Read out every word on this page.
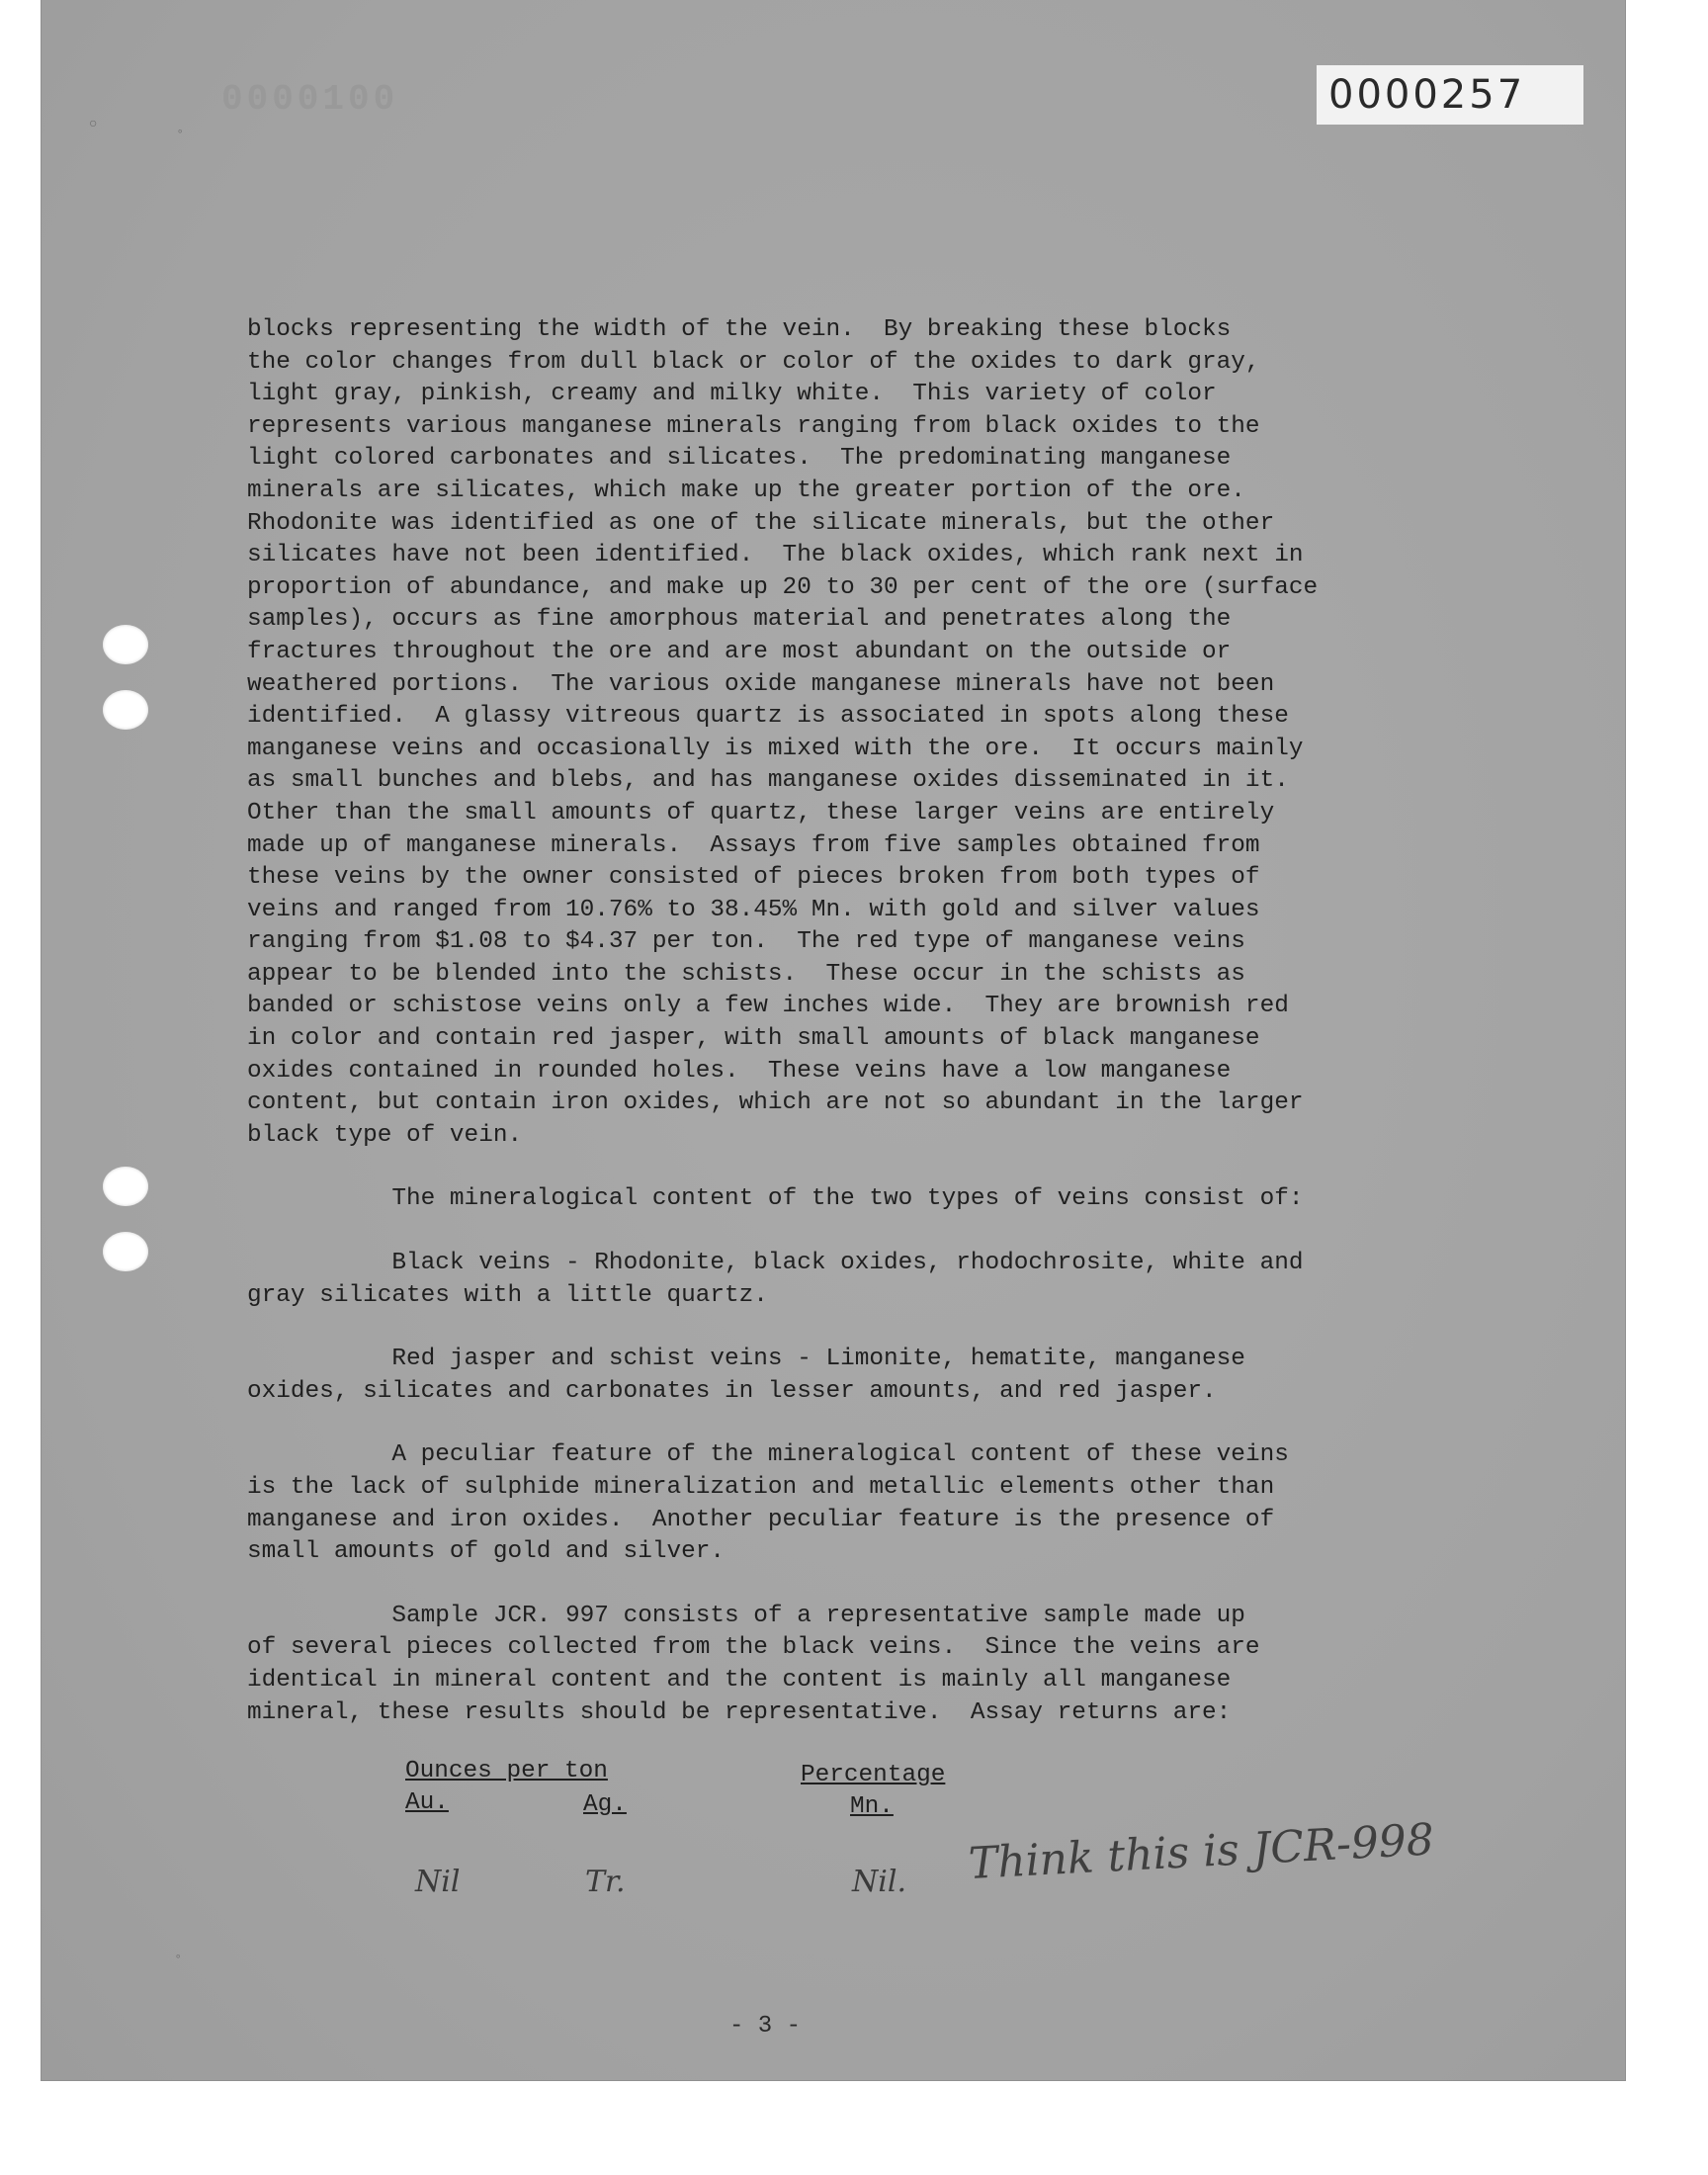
0000100	0000257
○	◦
◦

blocks representing the width of the vein.  By breaking these blocks
the color changes from dull black or color of the oxides to dark gray,
light gray, pinkish, creamy and milky white.  This variety of color
represents various manganese minerals ranging from black oxides to the
light colored carbonates and silicates.  The predominating manganese
minerals are silicates, which make up the greater portion of the ore.
Rhodonite was identified as one of the silicate minerals, but the other
silicates have not been identified.  The black oxides, which rank next in
proportion of abundance, and make up 20 to 30 per cent of the ore (surface
samples), occurs as fine amorphous material and penetrates along the
fractures throughout the ore and are most abundant on the outside or
weathered portions.  The various oxide manganese minerals have not been
identified.  A glassy vitreous quartz is associated in spots along these
manganese veins and occasionally is mixed with the ore.  It occurs mainly
as small bunches and blebs, and has manganese oxides disseminated in it.
Other than the small amounts of quartz, these larger veins are entirely
made up of manganese minerals.  Assays from five samples obtained from
these veins by the owner consisted of pieces broken from both types of
veins and ranged from 10.76% to 38.45% Mn. with gold and silver values
ranging from $1.08 to $4.37 per ton.  The red type of manganese veins
appear to be blended into the schists.  These occur in the schists as
banded or schistose veins only a few inches wide.  They are brownish red
in color and contain red jasper, with small amounts of black manganese
oxides contained in rounded holes.  These veins have a low manganese
content, but contain iron oxides, which are not so abundant in the larger
black type of vein.

The mineralogical content of the two types of veins consist of:

Black veins - Rhodonite, black oxides, rhodochrosite, white and
gray silicates with a little quartz.

Red jasper and schist veins - Limonite, hematite, manganese
oxides, silicates and carbonates in lesser amounts, and red jasper.

A peculiar feature of the mineralogical content of these veins
is the lack of sulphide mineralization and metallic elements other than
manganese and iron oxides.  Another peculiar feature is the presence of
small amounts of gold and silver.

Sample JCR. 997 consists of a representative sample made up
of several pieces collected from the black veins.  Since the veins are
identical in mineral content and the content is mainly all manganese
mineral, these results should be representative.  Assay returns are:

Ounces per ton	Percentage
Au.	Ag.	Mn.
Nil	Tr.	Nil. Think this is JCR-998
- 3 -
